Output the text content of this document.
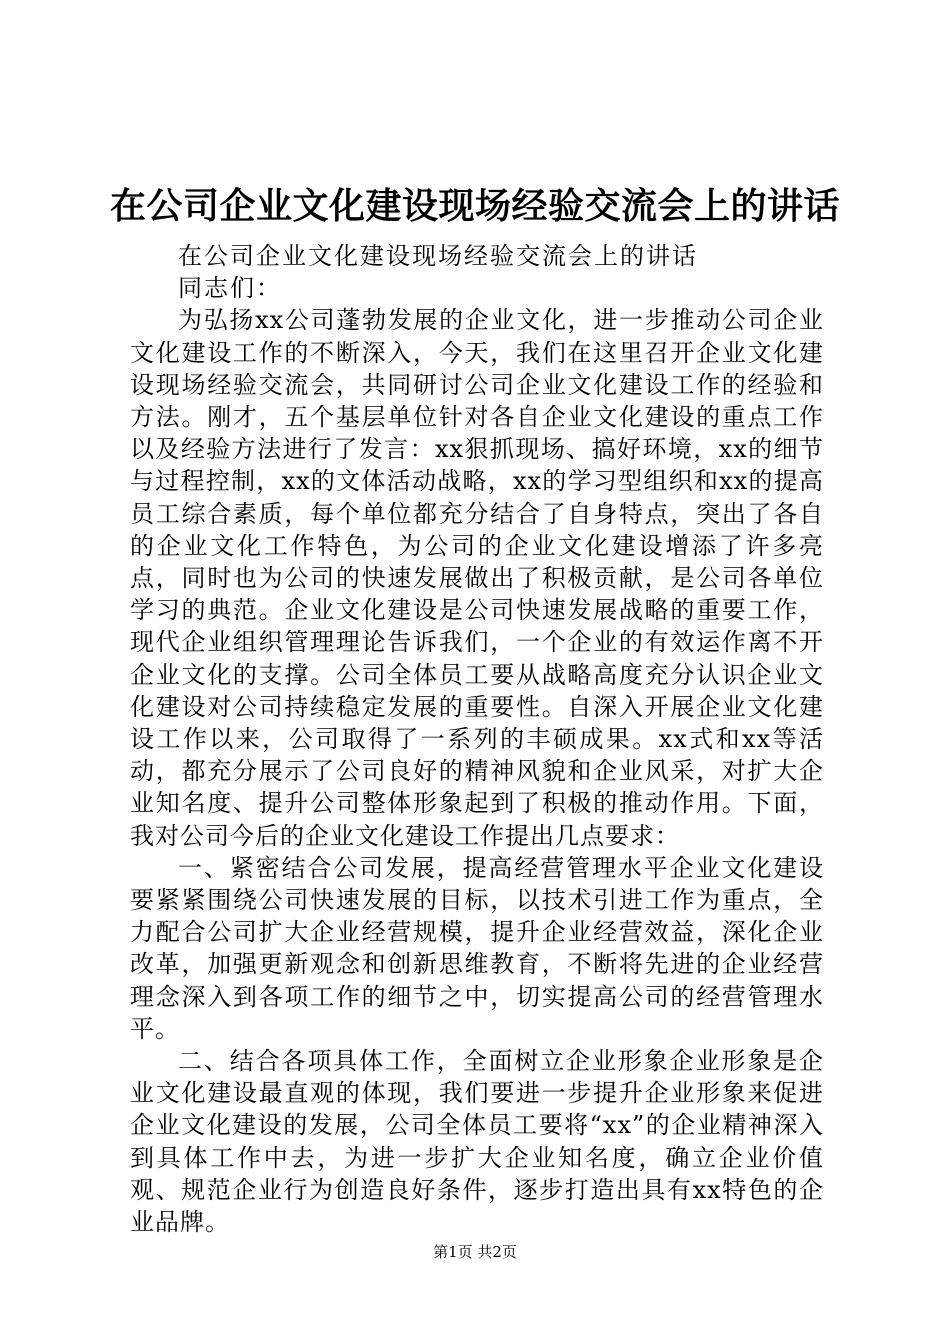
在公司企业文化建设现场经验交流会上的讲话

在公司企业文化建设现场经验交流会上的讲话

同志们：

为弘扬xx公司蓬勃发展的企业文化，进一步推动公司企业文化建设工作的不断深入，今天，我们在这里召开企业文化建设现场经验交流会，共同研讨公司企业文化建设工作的经验和方法。刚才，五个基层单位针对各自企业文化建设的重点工作以及经验方法进行了发言：xx狠抓现场、搞好环境，xx的细节与过程控制，xx的文体活动战略，xx的学习型组织和xx的提高员工综合素质，每个单位都充分结合了自身特点，突出了各自的企业文化工作特色，为公司的企业文化建设增添了许多亮点，同时也为公司的快速发展做出了积极贡献，是公司各单位学习的典范。企业文化建设是公司快速发展战略的重要工作，现代企业组织管理理论告诉我们，一个企业的有效运作离不开企业文化的支撑。公司全体员工要从战略高度充分认识企业文化建设对公司持续稳定发展的重要性。自深入开展企业文化建设工作以来，公司取得了一系列的丰硕成果。xx式和xx等活动，都充分展示了公司良好的精神风貌和企业风采，对扩大企业知名度、提升公司整体形象起到了积极的推动作用。下面，我对公司今后的企业文化建设工作提出几点要求：

一、紧密结合公司发展，提高经营管理水平企业文化建设要紧紧围绕公司快速发展的目标，以技术引进工作为重点，全力配合公司扩大企业经营规模，提升企业经营效益，深化企业改革，加强更新观念和创新思维教育，不断将先进的企业经营理念深入到各项工作的细节之中，切实提高公司的经营管理水平。

二、结合各项具体工作，全面树立企业形象企业形象是企业文化建设最直观的体现，我们要进一步提升企业形象来促进企业文化建设的发展，公司全体员工要将“xx”的企业精神深入到具体工作中去，为进一步扩大企业知名度，确立企业价值观、规范企业行为创造良好条件，逐步打造出具有xx特色的企业品牌。

第1页 共2页
